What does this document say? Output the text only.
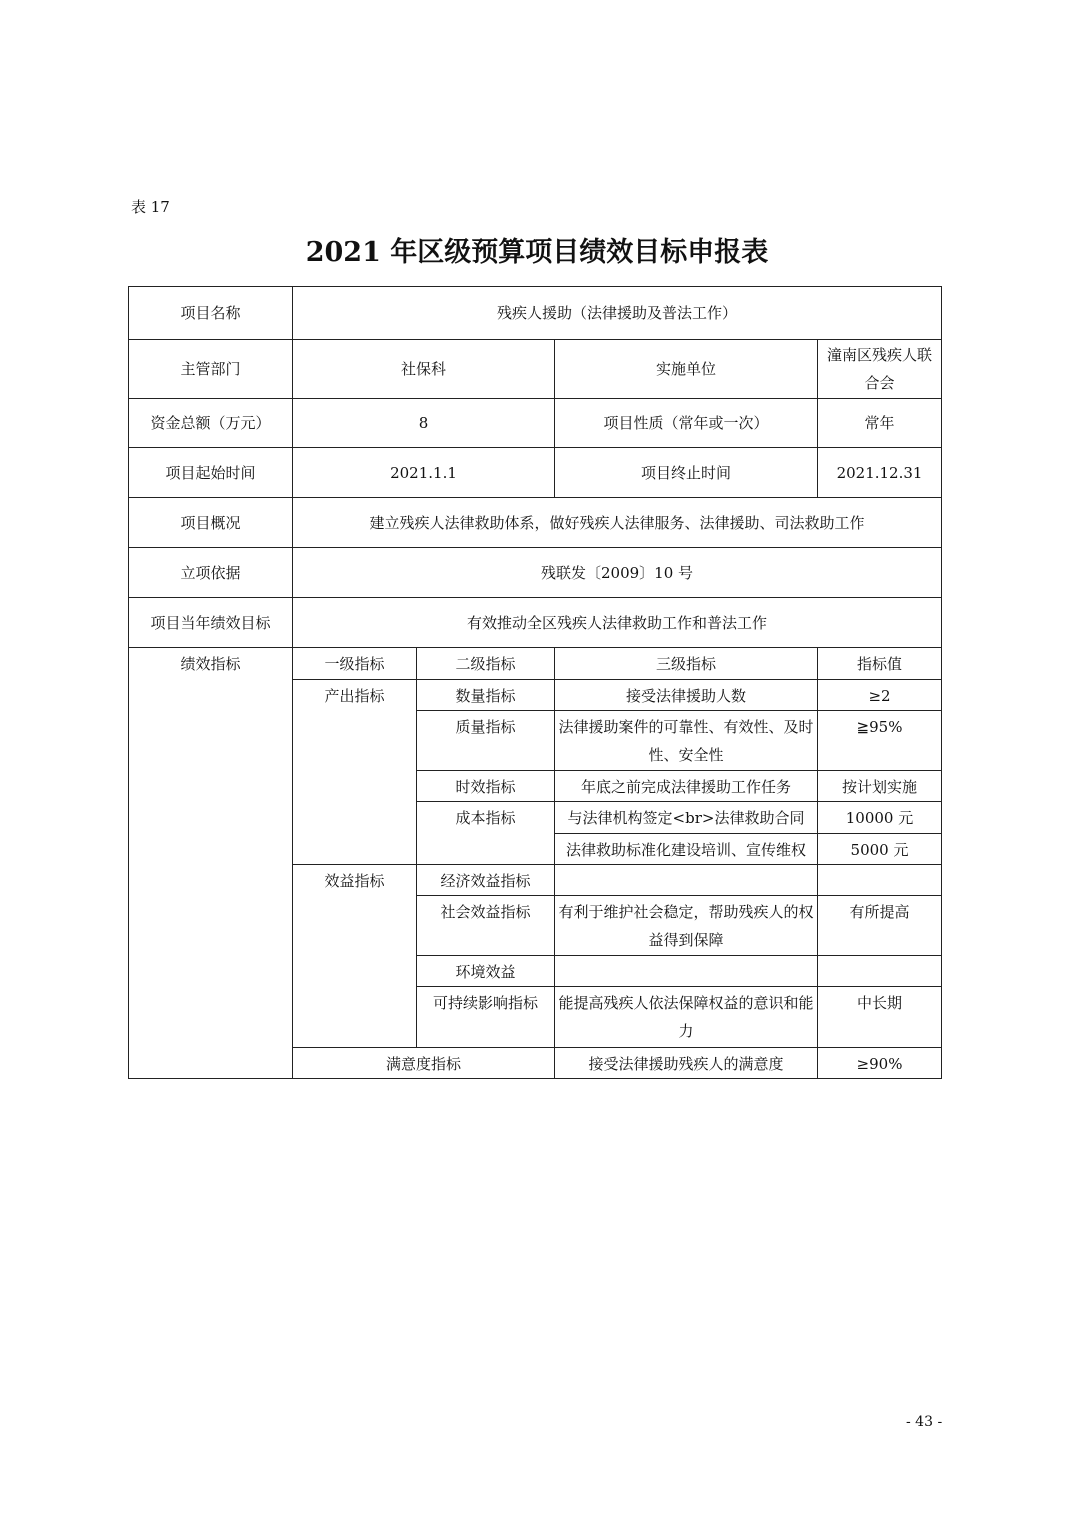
表 17
2021 年区级预算项目绩效目标申报表
项目名称	残疾人援助（法律援助及普法工作）			
主管部门	社保科		实施单位	潼南区残疾人联合会
资金总额（万元）	8		项目性质（常年或一次）	常年
项目起始时间	2021.1.1		项目终止时间	2021.12.31
项目概况	建立残疾人法律救助体系，做好残疾人法律服务、法律援助、司法救助工作			
立项依据	残联发〔2009〕10 号			
项目当年绩效目标	有效推动全区残疾人法律救助工作和普法工作			
绩效指标	一级指标	二级指标	三级指标	指标值
	产出指标	数量指标	接受法律援助人数	≥2
		质量指标	法律援助案件的可靠性、有效性、及时性、安全性	≧95%
		时效指标	年底之前完成法律援助工作任务	按计划实施
		成本指标	与法律机构签定<br>法律救助合同	10000 元
			法律救助标准化建设培训、宣传维权	5000 元
	效益指标	经济效益指标		
		社会效益指标	有利于维护社会稳定，帮助残疾人的权益得到保障	有所提高
		环境效益		
		可持续影响指标	能提高残疾人依法保障权益的意识和能力	中长期
	满意度指标		接受法律援助残疾人的满意度	≥90%
- 43 -
